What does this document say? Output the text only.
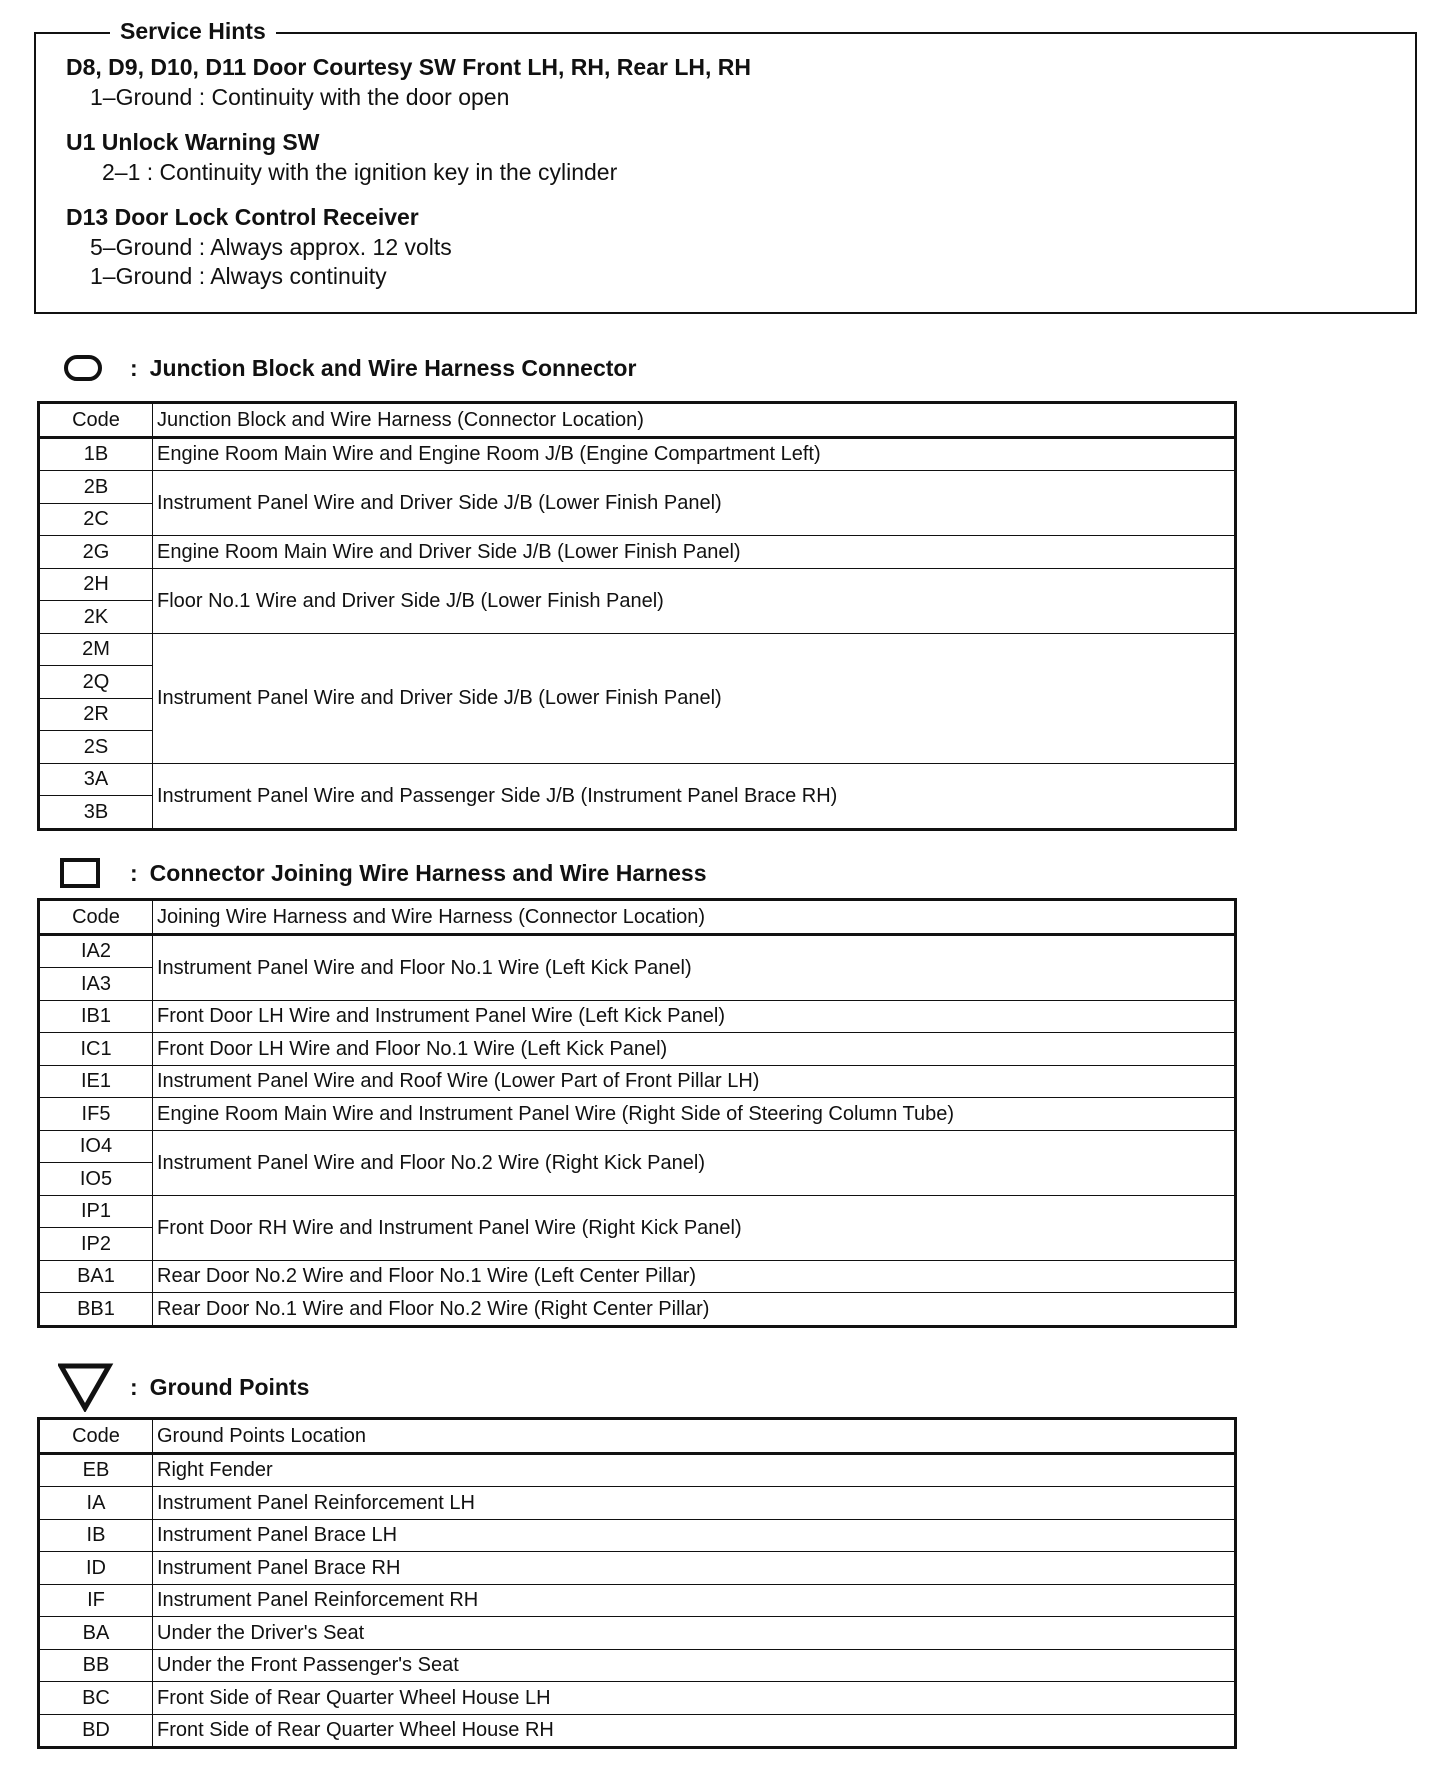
Service Hints
D8, D9, D10, D11 Door Courtesy SW Front LH, RH, Rear LH, RH
1–Ground : Continuity with the door open
U1 Unlock Warning SW
2–1 : Continuity with the ignition key in the cylinder
D13 Door Lock Control Receiver
5–Ground : Always approx. 12 volts
1–Ground : Always continuity
: Junction Block and Wire Harness Connector
Code	Junction Block and Wire Harness (Connector Location)
1B	Engine Room Main Wire and Engine Room J/B (Engine Compartment Left)
2B	Instrument Panel Wire and Driver Side J/B (Lower Finish Panel)
2C	
2G	Engine Room Main Wire and Driver Side J/B (Lower Finish Panel)
2H	Floor No.1 Wire and Driver Side J/B (Lower Finish Panel)
2K	
2M	Instrument Panel Wire and Driver Side J/B (Lower Finish Panel)
2Q	
2R	
2S	
3A	Instrument Panel Wire and Passenger Side J/B (Instrument Panel Brace RH)
3B	
: Connector Joining Wire Harness and Wire Harness
Code	Joining Wire Harness and Wire Harness (Connector Location)
IA2	Instrument Panel Wire and Floor No.1 Wire (Left Kick Panel)
IA3	
IB1	Front Door LH Wire and Instrument Panel Wire (Left Kick Panel)
IC1	Front Door LH Wire and Floor No.1 Wire (Left Kick Panel)
IE1	Instrument Panel Wire and Roof Wire (Lower Part of Front Pillar LH)
IF5	Engine Room Main Wire and Instrument Panel Wire (Right Side of Steering Column Tube)
IO4	Instrument Panel Wire and Floor No.2 Wire (Right Kick Panel)
IO5	
IP1	Front Door RH Wire and Instrument Panel Wire (Right Kick Panel)
IP2	
BA1	Rear Door No.2 Wire and Floor No.1 Wire (Left Center Pillar)
BB1	Rear Door No.1 Wire and Floor No.2 Wire (Right Center Pillar)
: Ground Points
Code	Ground Points Location
EB	Right Fender
IA	Instrument Panel Reinforcement LH
IB	Instrument Panel Brace LH
ID	Instrument Panel Brace RH
IF	Instrument Panel Reinforcement RH
BA	Under the Driver's Seat
BB	Under the Front Passenger's Seat
BC	Front Side of Rear Quarter Wheel House LH
BD	Front Side of Rear Quarter Wheel House RH
